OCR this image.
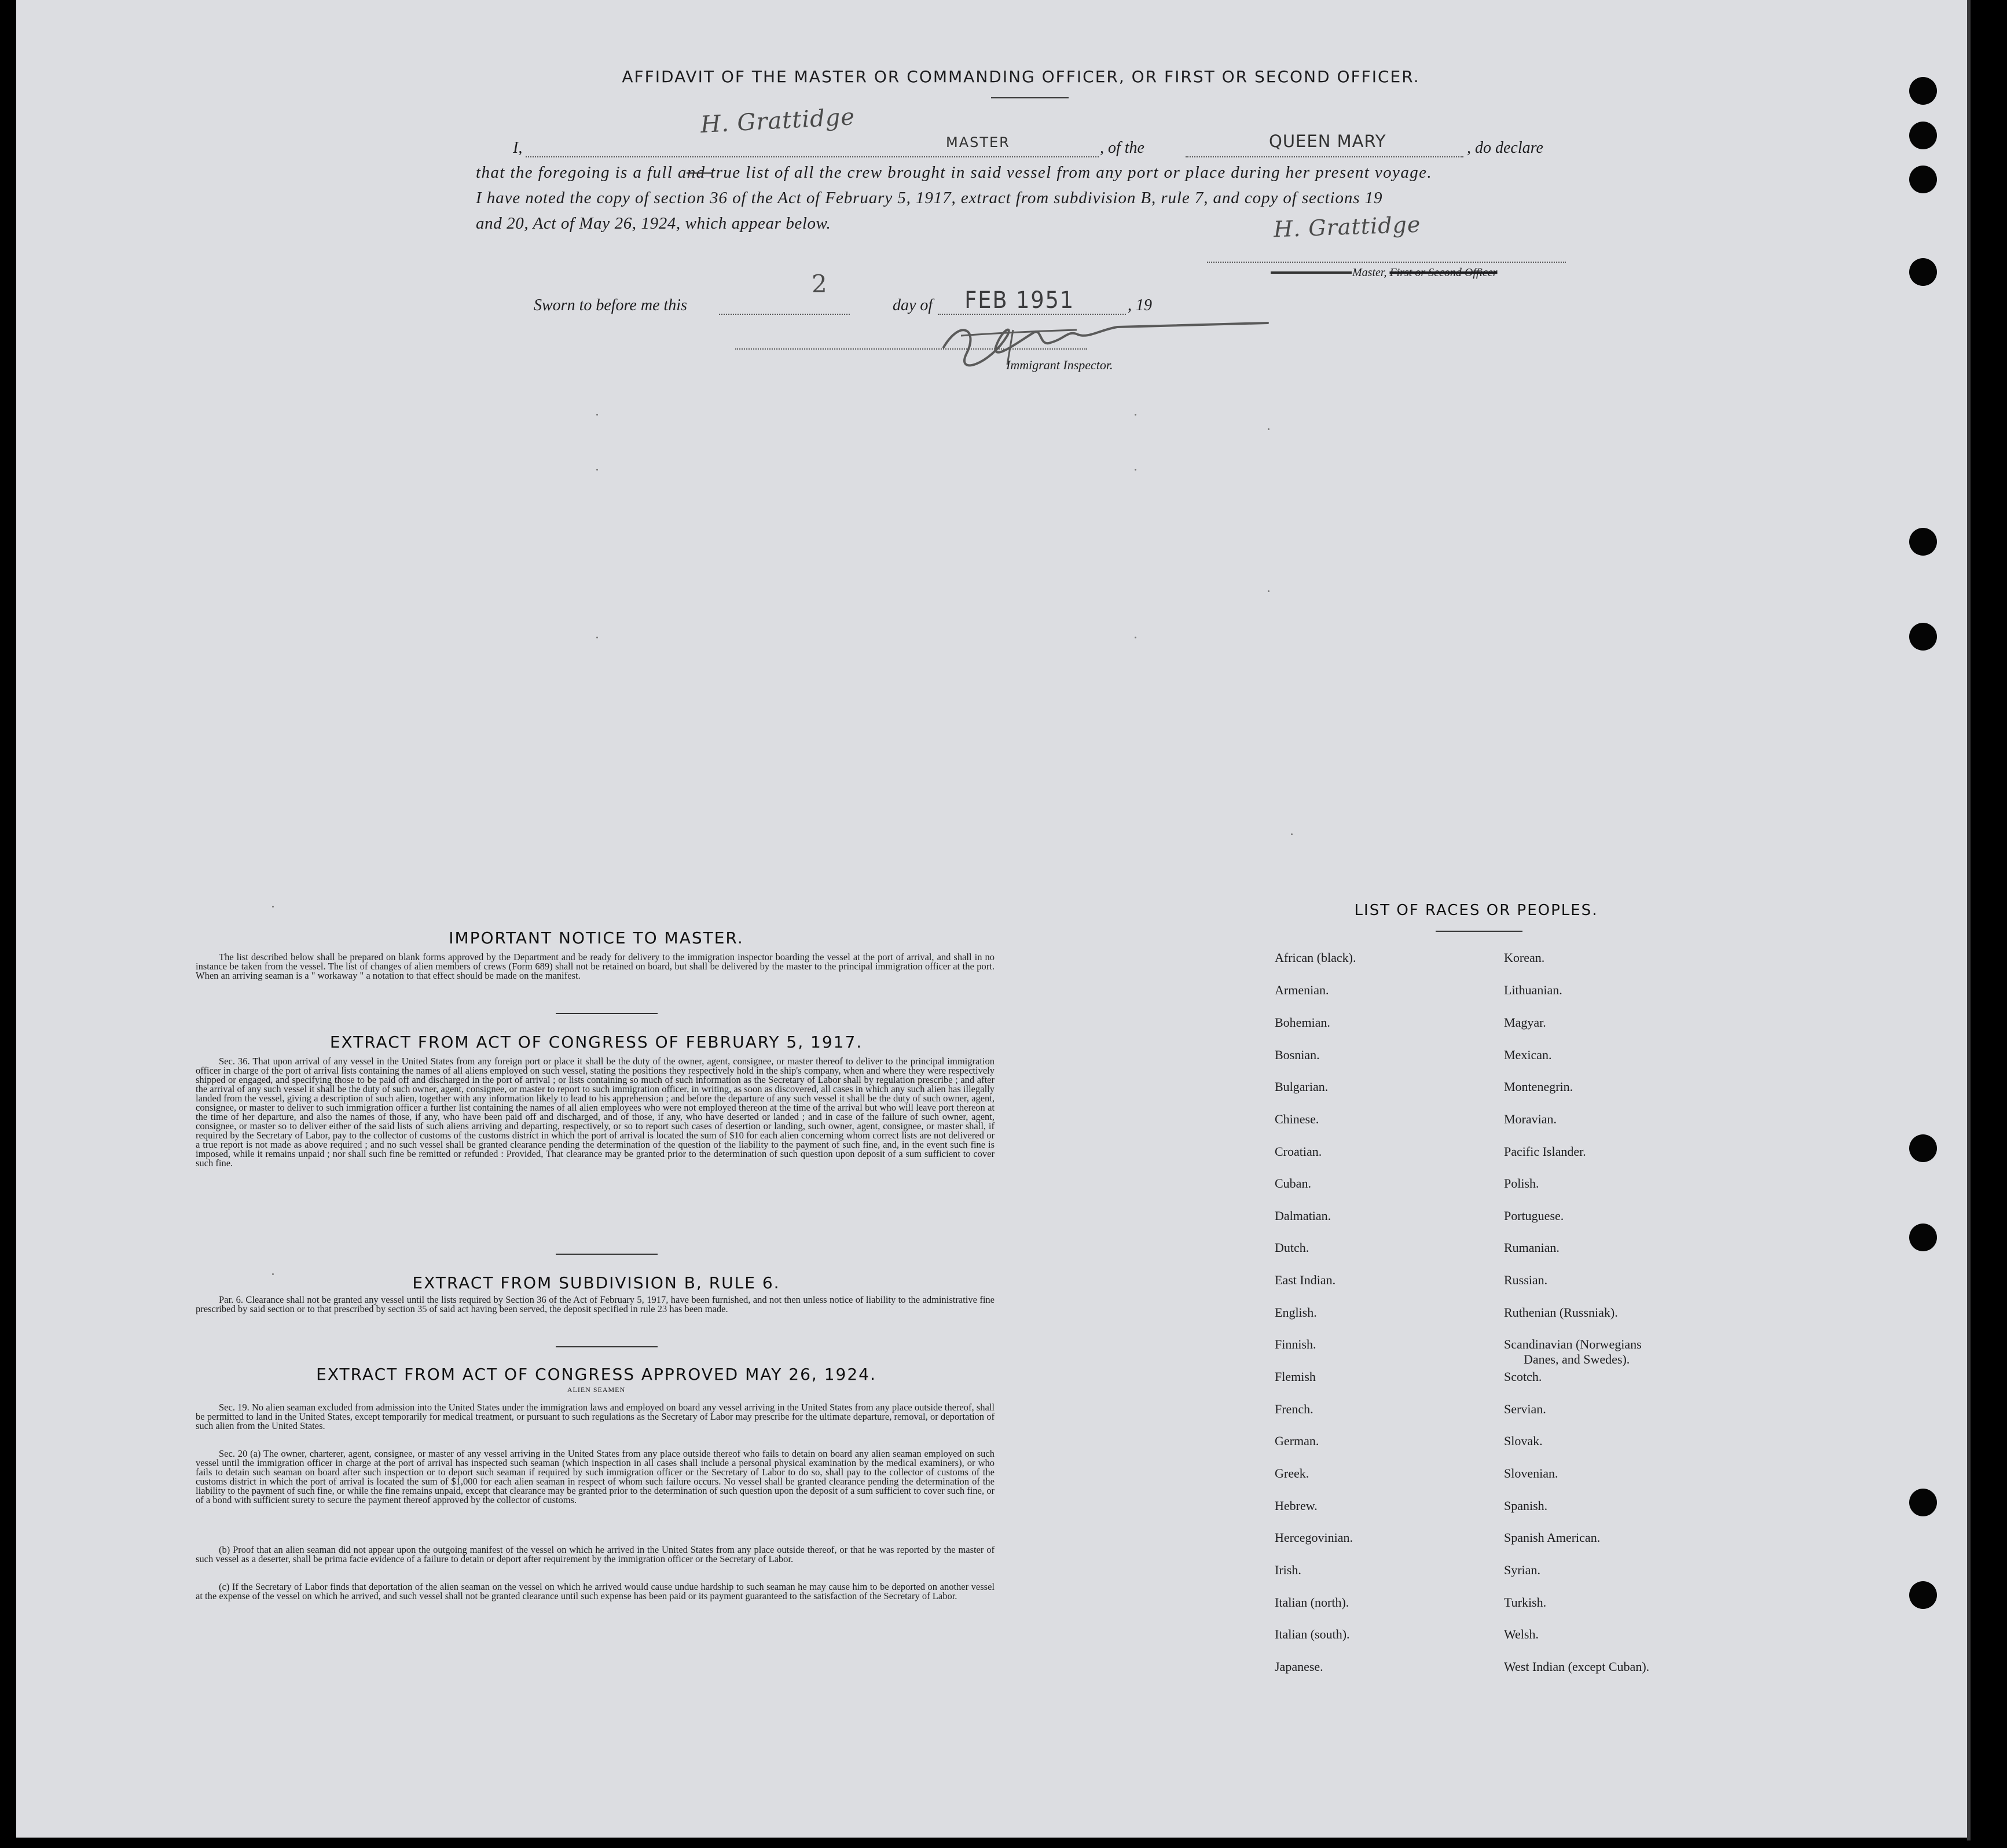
AFFIDAVIT OF THE MASTER OR COMMANDING OFFICER, OR FIRST OR SECOND OFFICER.
I,
H. Grattidge
MASTER	, of the	QUEEN MARY	, do declare
that the foregoing is a full and true list of all the crew brought in said vessel from any port or place during her present voyage.
I have noted the copy of section 36 of the Act of February 5, 1917, extract from subdivision B, rule 7, and copy of sections 19
and 20, Act of May 26, 1924, which appear below.	H. Grattidge
Master, First or Second Officer
Sworn to before me this
2
day of FEB 1951	, 19
Immigrant Inspector.
IMPORTANT NOTICE TO MASTER.

The list described below shall be prepared on blank forms approved by the Department and be ready for delivery to the immigration inspector boarding the vessel at the port of arrival, and shall in no instance be taken from the vessel. The list of changes of alien members of crews (Form 689) shall not be retained on board, but shall be delivered by the master to the principal immigration officer at the port. When an arriving seaman is a " workaway " a notation to that effect should be made on the manifest.

EXTRACT FROM ACT OF CONGRESS OF FEBRUARY 5, 1917.

Sec. 36. That upon arrival of any vessel in the United States from any foreign port or place it shall be the duty of the owner, agent, consignee, or master thereof to deliver to the principal immigration officer in charge of the port of arrival lists containing the names of all aliens employed on such vessel, stating the positions they respectively hold in the ship's company, when and where they were respectively shipped or engaged, and specifying those to be paid off and discharged in the port of arrival ; or lists containing so much of such information as the Secretary of Labor shall by regulation prescribe ; and after the arrival of any such vessel it shall be the duty of such owner, agent, consignee, or master to report to such immigration officer, in writing, as soon as discovered, all cases in which any such alien has illegally landed from the vessel, giving a description of such alien, together with any information likely to lead to his apprehension ; and before the departure of any such vessel it shall be the duty of such owner, agent, consignee, or master to deliver to such immigration officer a further list containing the names of all alien employees who were not employed thereon at the time of the arrival but who will leave port thereon at the time of her departure, and also the names of those, if any, who have been paid off and discharged, and of those, if any, who have deserted or landed ; and in case of the failure of such owner, agent, consignee, or master so to deliver either of the said lists of such aliens arriving and departing, respectively, or so to report such cases of desertion or landing, such owner, agent, consignee, or master shall, if required by the Secretary of Labor, pay to the collector of customs of the customs district in which the port of arrival is located the sum of $10 for each alien concerning whom correct lists are not delivered or a true report is not made as above required ; and no such vessel shall be granted clearance pending the determination of the question of the liability to the payment of such fine, and, in the event such fine is imposed, while it remains unpaid ; nor shall such fine be remitted or refunded : Provided, That clearance may be granted prior to the determination of such question upon deposit of a sum sufficient to cover such fine.

EXTRACT FROM SUBDIVISION B, RULE 6.

Par. 6. Clearance shall not be granted any vessel until the lists required by Section 36 of the Act of February 5, 1917, have been furnished, and not then unless notice of liability to the administrative fine prescribed by said section or to that prescribed by section 35 of said act having been served, the deposit specified in rule 23 has been made.

EXTRACT FROM ACT OF CONGRESS APPROVED MAY 26, 1924.
ALIEN SEAMEN

Sec. 19. No alien seaman excluded from admission into the United States under the immigration laws and employed on board any vessel arriving in the United States from any place outside thereof, shall be permitted to land in the United States, except temporarily for medical treatment, or pursuant to such regulations as the Secretary of Labor may prescribe for the ultimate departure, removal, or deportation of such alien from the United States.

Sec. 20 (a) The owner, charterer, agent, consignee, or master of any vessel arriving in the United States from any place outside thereof who fails to detain on board any alien seaman employed on such vessel until the immigration officer in charge at the port of arrival has inspected such seaman (which inspection in all cases shall include a personal physical examination by the medical examiners), or who fails to detain such seaman on board after such inspection or to deport such seaman if required by such immigration officer or the Secretary of Labor to do so, shall pay to the collector of customs of the customs district in which the port of arrival is located the sum of $1,000 for each alien seaman in respect of whom such failure occurs. No vessel shall be granted clearance pending the determination of the liability to the payment of such fine, or while the fine remains unpaid, except that clearance may be granted prior to the determination of such question upon the deposit of a sum sufficient to cover such fine, or of a bond with sufficient surety to secure the payment thereof approved by the collector of customs.

(b) Proof that an alien seaman did not appear upon the outgoing manifest of the vessel on which he arrived in the United States from any place outside thereof, or that he was reported by the master of such vessel as a deserter, shall be prima facie evidence of a failure to detain or deport after requirement by the immigration officer or the Secretary of Labor.

(c) If the Secretary of Labor finds that deportation of the alien seaman on the vessel on which he arrived would cause undue hardship to such seaman he may cause him to be deported on another vessel at the expense of the vessel on which he arrived, and such vessel shall not be granted clearance until such expense has been paid or its payment guaranteed to the satisfaction of the Secretary of Labor.

LIST OF RACES OR PEOPLES.
African (black).
Armenian.
Bohemian.
Bosnian.
Bulgarian.
Chinese.
Croatian.
Cuban.
Dalmatian.
Dutch.
East Indian.
English.
Finnish.
Flemish
French.
German.
Greek.
Hebrew.
Hercegovinian.
Irish.
Italian (north).
Italian (south).
Japanese.
Korean.
Lithuanian.
Magyar.
Mexican.
Montenegrin.
Moravian.
Pacific Islander.
Polish.
Portuguese.
Rumanian.
Russian.
Ruthenian (Russniak).
Scandinavian (Norwegians
Danes, and Swedes).
Scotch.
Servian.
Slovak.
Slovenian.
Spanish.
Spanish American.
Syrian.
Turkish.
Welsh.
West Indian (except Cuban).
